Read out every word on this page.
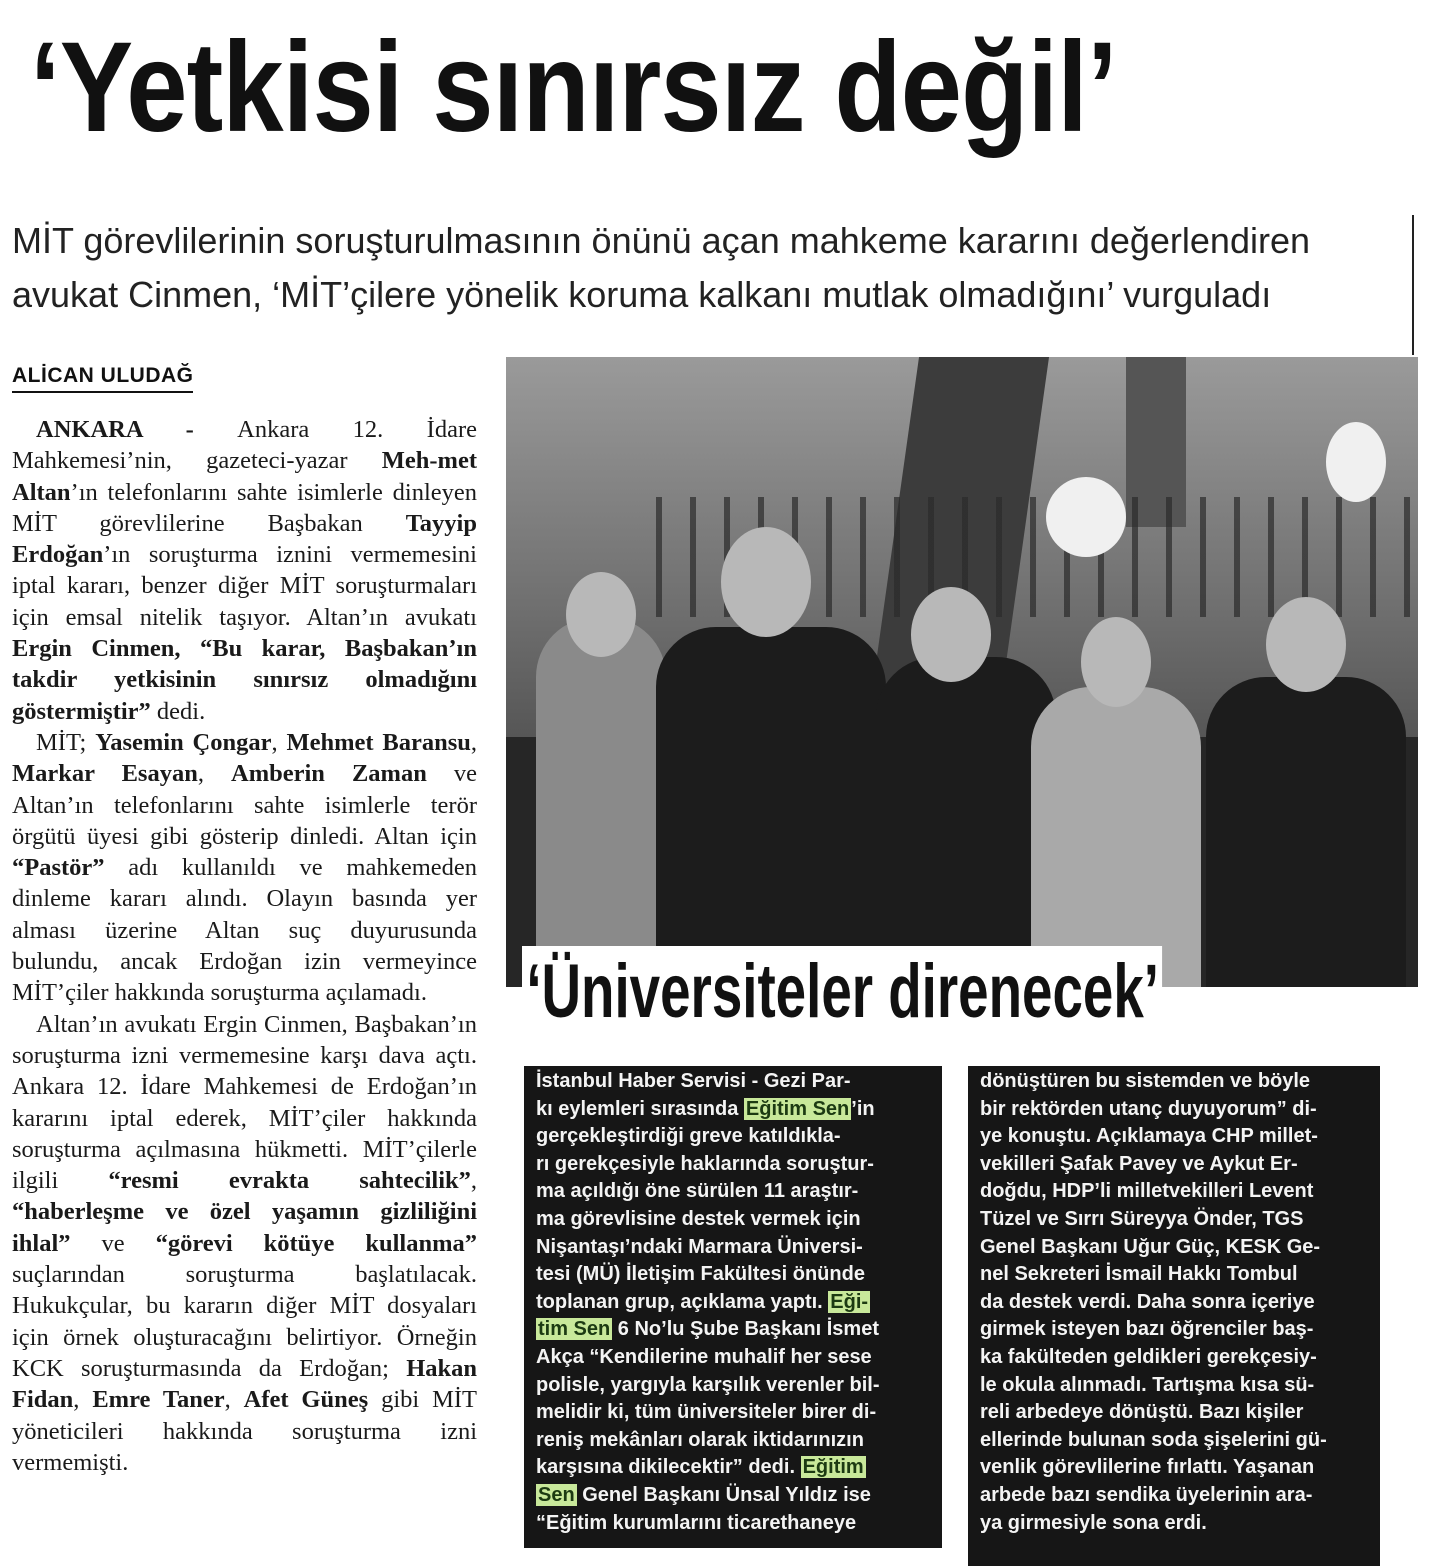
‘Yetkisi sınırsız değil’
MİT görevlilerinin soruşturulmasının önünü açan mahkeme kararını değerlendiren
avukat Cinmen, ‘MİT’çilere yönelik koruma kalkanı mutlak olmadığını’ vurguladı
ALİCAN ULUDAĞ

ANKARA - Ankara 12. İdare Mahkemesi’nin, gazeteci-yazar Meh-met Altan’ın telefonlarını sahte isimlerle dinleyen MİT görevlilerine Başbakan Tayyip Erdoğan’ın soruşturma iznini vermemesini iptal kararı, benzer diğer MİT soruşturmaları için emsal nitelik taşıyor. Altan’ın avukatı Ergin Cinmen, “Bu karar, Başbakan’ın takdir yetkisinin sınırsız olmadığını göstermiştir” dedi.

MİT; Yasemin Çongar, Mehmet Baransu, Markar Esayan, Amberin Zaman ve Altan’ın telefonlarını sahte isimlerle terör örgütü üyesi gibi gösterip dinledi. Altan için “Pastör” adı kullanıldı ve mahkemeden dinleme kararı alındı. Olayın basında yer alması üzerine Altan suç duyurusunda bulundu, ancak Erdoğan izin vermeyince MİT’çiler hakkında soruşturma açılamadı.

Altan’ın avukatı Ergin Cinmen, Başbakan’ın soruşturma izni vermemesine karşı dava açtı. Ankara 12. İdare Mahkemesi de Erdoğan’ın kararını iptal ederek, MİT’çiler hakkında soruşturma açılmasına hükmetti. MİT’çilerle ilgili “resmi evrakta sahtecilik”, “haberleşme ve özel yaşamın gizliliğini ihlal” ve “görevi kötüye kullanma” suçlarından soruşturma başlatılacak. Hukukçular, bu kararın diğer MİT dosyaları için örnek oluşturacağını belirtiyor. Örneğin KCK soruşturmasında da Erdoğan; Hakan Fidan, Emre Taner, Afet Güneş gibi MİT yöneticileri hakkında soruşturma izni vermemişti.

‘Üniversiteler direnecek’
İstanbul Haber Servisi - Gezi Par-
kı eylemleri sırasında Eğitim Sen ’in
gerçekleştirdiği greve katıldıkla-
rı gerekçesiyle haklarında soruştur-
ma açıldığı öne sürülen 11 araştır-
ma görevlisine destek vermek için
Nişantaşı’ndaki Marmara Üniversi-
tesi (MÜ) İletişim Fakültesi önünde
toplanan grup, açıklama yaptı. Eği-
tim Sen 6 No’lu Şube Başkanı İsmet
Akça “Kendilerine muhalif her sese
polisle, yargıyla karşılık verenler bil-
melidir ki, tüm üniversiteler birer di-
reniş mekânları olarak iktidarınızın
karşısına dikilecektir” dedi. Eğitim
Sen Genel Başkanı Ünsal Yıldız ise
“Eğitim kurumlarını ticarethaneye
dönüştüren bu sistemden ve böyle
bir rektörden utanç duyuyorum” di-
ye konuştu. Açıklamaya CHP millet-
vekilleri Şafak Pavey ve Aykut Er-
doğdu, HDP’li milletvekilleri Levent
Tüzel ve Sırrı Süreyya Önder, TGS
Genel Başkanı Uğur Güç, KESK Ge-
nel Sekreteri İsmail Hakkı Tombul
da destek verdi. Daha sonra içeriye
girmek isteyen bazı öğrenciler baş-
ka fakülteden geldikleri gerekçesiy-
le okula alınmadı. Tartışma kısa sü-
reli arbedeye dönüştü. Bazı kişiler
ellerinde bulunan soda şişelerini gü-
venlik görevlilerine fırlattı. Yaşanan
arbede bazı sendika üyelerinin ara-
ya girmesiyle sona erdi.
